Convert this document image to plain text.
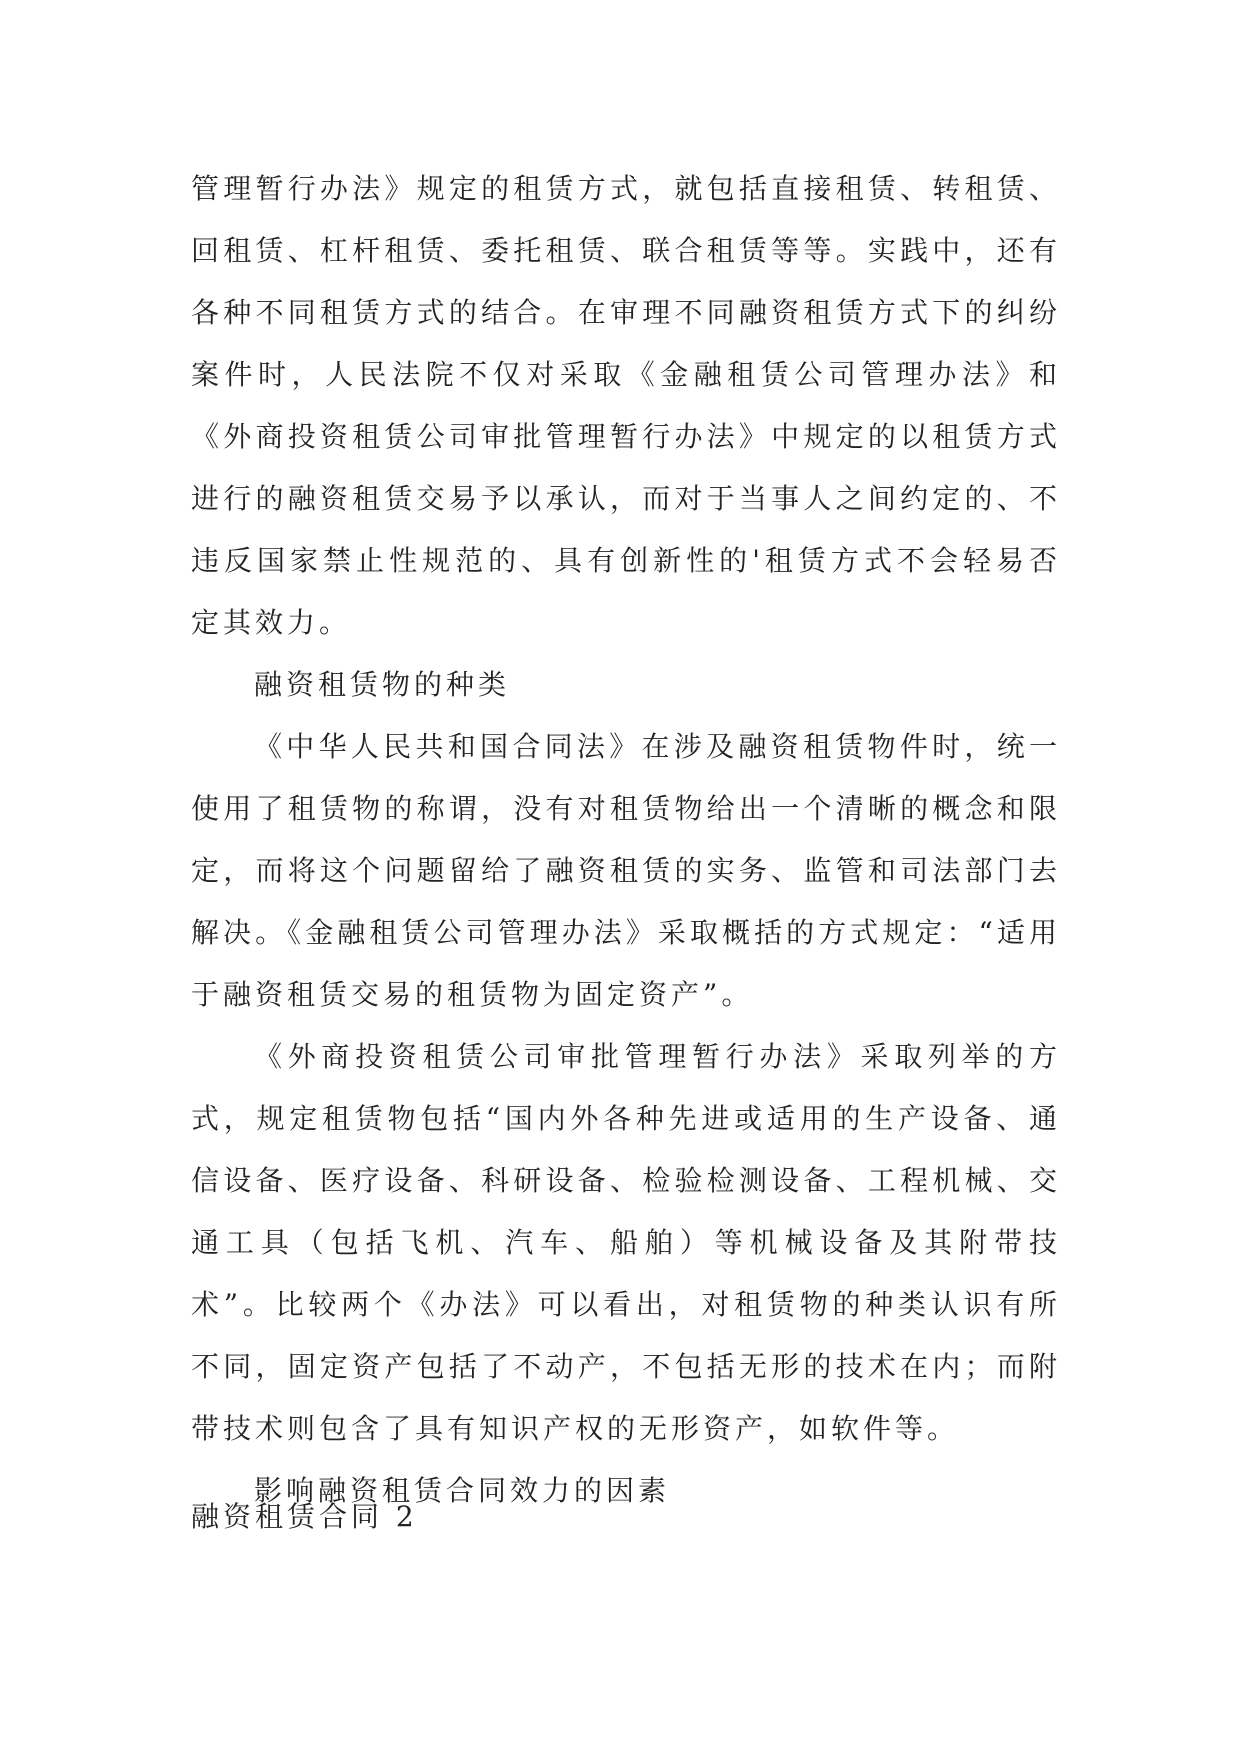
管理暂行办法》规定的租赁方式，就包括直接租赁、转租赁、回租赁、杠杆租赁、委托租赁、联合租赁等等。实践中，还有各种不同租赁方式的结合。在审理不同融资租赁方式下的纠纷案件时，人民法院不仅对采取《金融租赁公司管理办法》和《外商投资租赁公司审批管理暂行办法》中规定的以租赁方式进行的融资租赁交易予以承认，而对于当事人之间约定的、不违反国家禁止性规范的、具有创新性的'租赁方式不会轻易否定其效力。

融资租赁物的种类

《中华人民共和国合同法》在涉及融资租赁物件时，统一使用了租赁物的称谓，没有对租赁物给出一个清晰的概念和限定，而将这个问题留给了融资租赁的实务、监管和司法部门去解决。《金融租赁公司管理办法》采取概括的方式规定：“适用于融资租赁交易的租赁物为固定资产”。

《外商投资租赁公司审批管理暂行办法》采取列举的方式，规定租赁物包括“国内外各种先进或适用的生产设备、通信设备、医疗设备、科研设备、检验检测设备、工程机械、交通工具（包括飞机、汽车、船舶）等机械设备及其附带技术”。比较两个《办法》可以看出，对租赁物的种类认识有所不同，固定资产包括了不动产，不包括无形的技术在内；而附带技术则包含了具有知识产权的无形资产，如软件等。

影响融资租赁合同效力的因素

融资租赁合同 2
